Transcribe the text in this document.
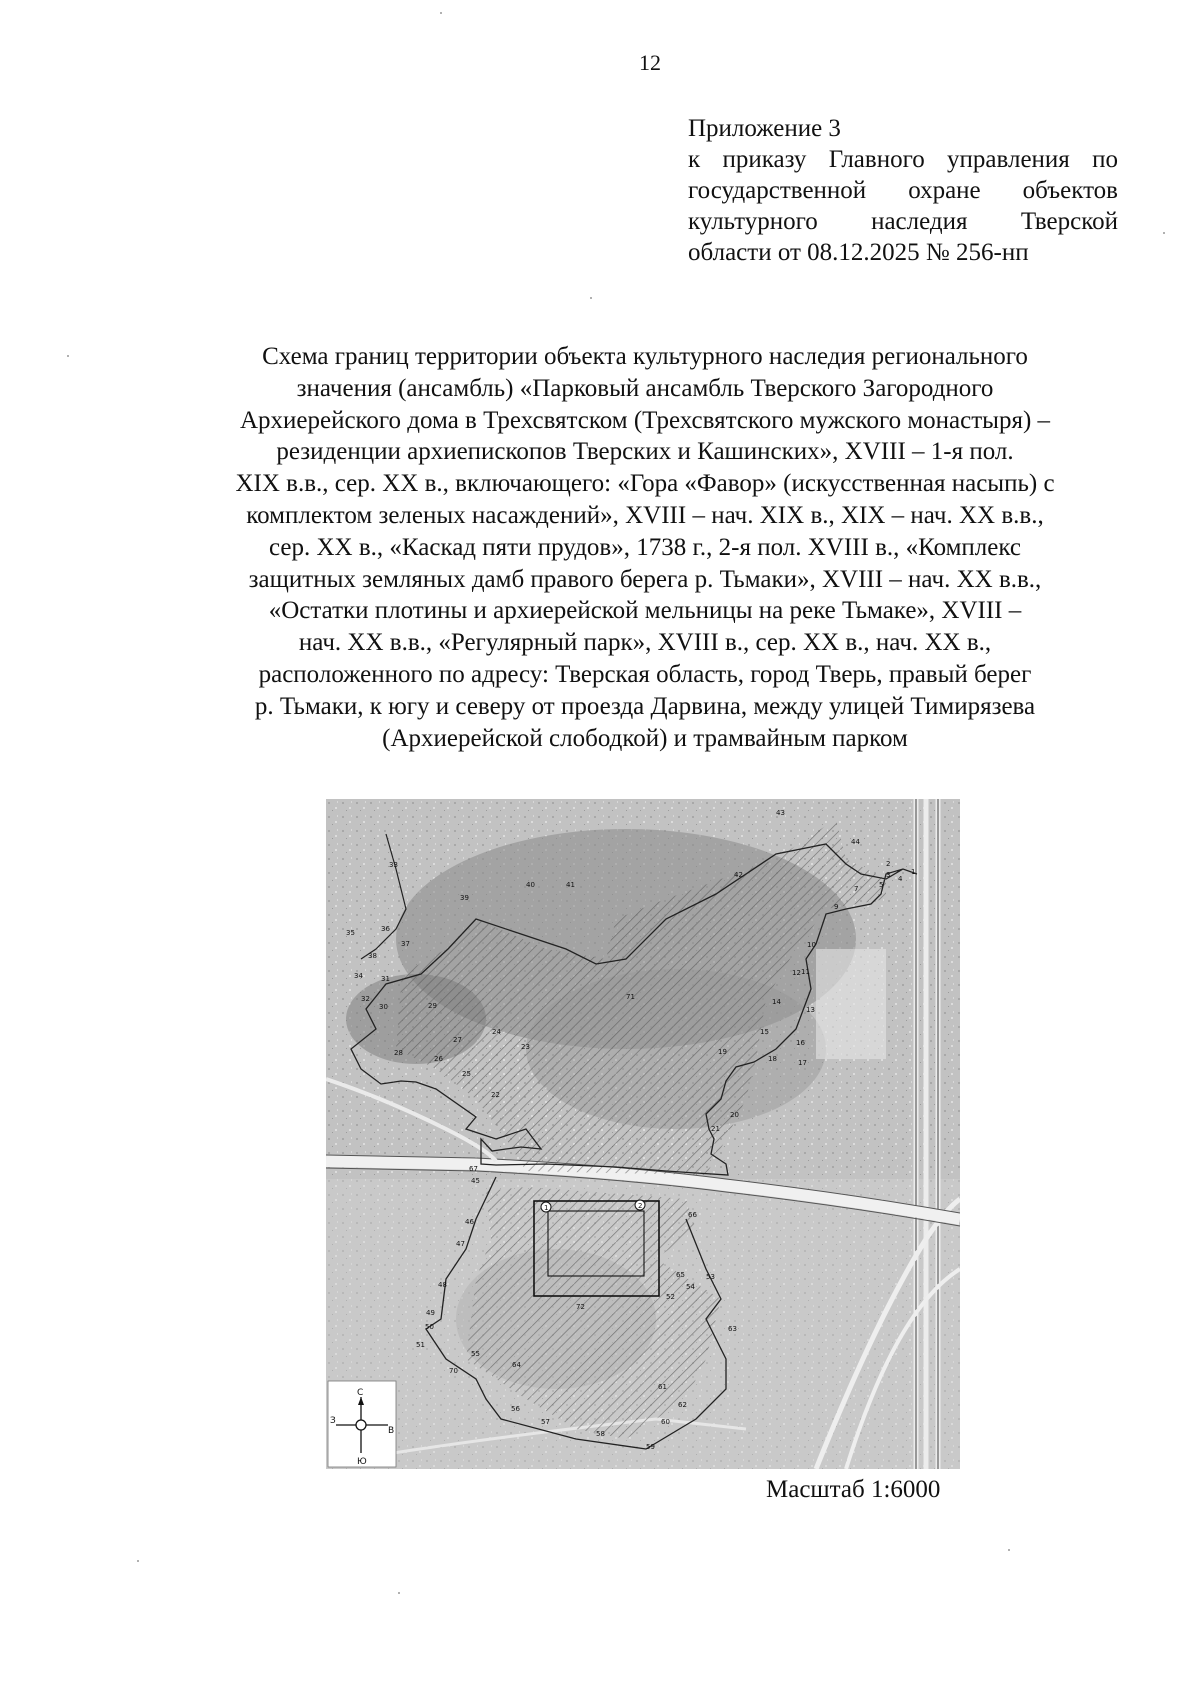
12
Приложение 3
к приказу Главного управления по
государственной охране объектов
культурного наследия Тверской
области от 08.12.2025 № 256-нп
Схема границ территории объекта культурного наследия регионального
значения (ансамбль) «Парковый ансамбль Тверского Загородного
Архиерейского дома в Трехсвятском (Трехсвятского мужского монастыря) –
резиденции архиепископов Тверских и Кашинских», XVIII – 1-я пол.
XIX в.в., сер. XX в., включающего: «Гора «Фавор» (искусственная насыпь) с
комплектом зеленых насаждений», XVIII – нач. XIX в., XIX – нач. XX в.в.,
сер. XX в., «Каскад пяти прудов», 1738 г., 2-я пол. XVIII в., «Комплекс
защитных земляных дамб правого берега р. Тьмаки», XVIII – нач. XX в.в.,
«Остатки плотины и архиерейской мельницы на реке Тьмаке», XVIII –
нач. XX в.в., «Регулярный парк», XVIII в., сер. XX в., нач. XX в.,
расположенного по адресу: Тверская область, город Тверь, правый берег
р. Тьмаки, к югу и северу от проезда Дарвина, между улицей Тимирязева
(Архиерейской слободкой) и трамвайным парком
1	2
1
2
3 4
5
7
9
10
11
12
13
14
15
16
17
18
19
20
21
22
23
24
25
26
27
28
29
30
31
32
33
34
35	36
37
38
39
40	41
42
43
44
45
46
47
48
49
50
51
52
53
54
55
56
57
58
59
60
61
62
63
64
65
66
67
70
71
72
С
З
В
Ю
Масштаб 1:6000
